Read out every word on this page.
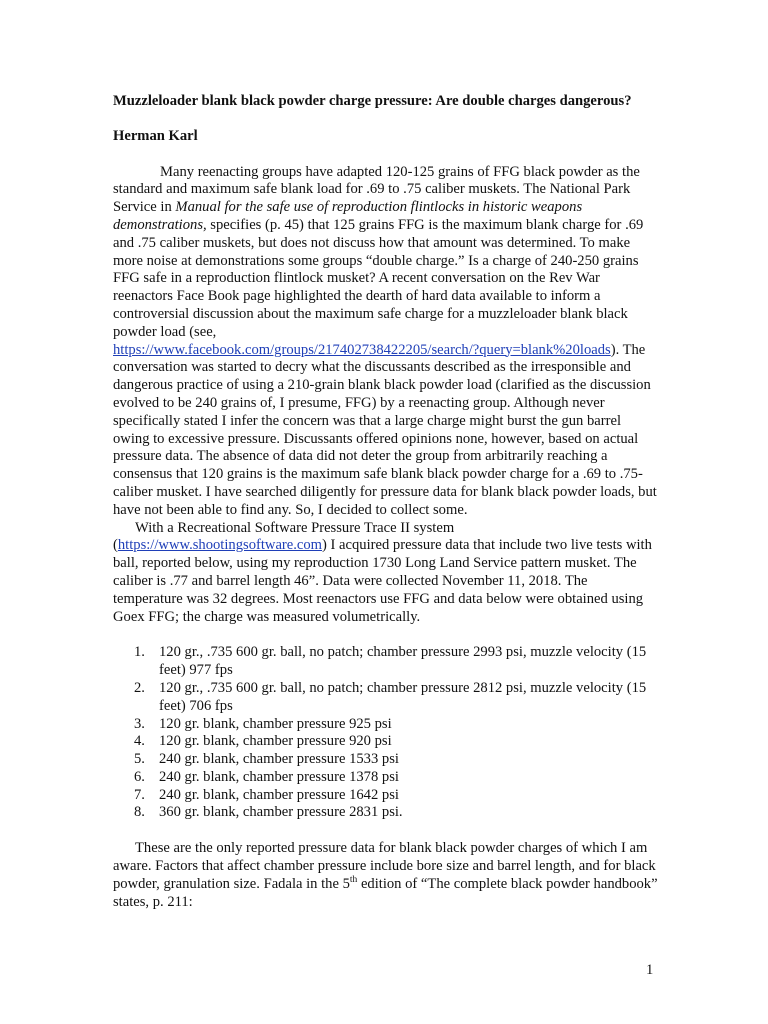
Muzzleloader blank black powder charge pressure: Are double charges dangerous?

Herman Karl

Many reenacting groups have adapted 120-125 grains of FFG black powder as the standard and maximum safe blank load for .69 to .75 caliber muskets. The National Park Service in Manual for the safe use of reproduction flintlocks in historic weapons demonstrations, specifies (p. 45) that 125 grains FFG is the maximum blank charge for .69 and .75 caliber muskets, but does not discuss how that amount was determined. To make more noise at demonstrations some groups “double charge.” Is a charge of 240-250 grains FFG safe in a reproduction flintlock musket? A recent conversation on the Rev War reenactors Face Book page highlighted the dearth of hard data available to inform a controversial discussion about the maximum safe charge for a muzzleloader blank black powder load (see,
https://www.facebook.com/groups/217402738422205/search/?query=blank%20loads). The conversation was started to decry what the discussants described as the irresponsible and dangerous practice of using a 210-grain blank black powder load (clarified as the discussion evolved to be 240 grains of, I presume, FFG) by a reenacting group. Although never specifically stated I infer the concern was that a large charge might burst the gun barrel owing to excessive pressure. Discussants offered opinions none, however, based on actual pressure data. The absence of data did not deter the group from arbitrarily reaching a consensus that 120 grains is the maximum safe blank black powder charge for a .69 to .75-caliber musket. I have searched diligently for pressure data for blank black powder loads, but have not been able to find any. So, I decided to collect some.

With a Recreational Software Pressure Trace II system (https://www.shootingsoftware.com) I acquired pressure data that include two live tests with ball, reported below, using my reproduction 1730 Long Land Service pattern musket. The caliber is .77 and barrel length 46”. Data were collected November 11, 2018. The temperature was 32 degrees. Most reenactors use FFG and data below were obtained using Goex FFG; the charge was measured volumetrically.

1. 120 gr., .735 600 gr. ball, no patch; chamber pressure 2993 psi, muzzle velocity (15 feet) 977 fps
2. 120 gr., .735 600 gr. ball, no patch; chamber pressure 2812 psi, muzzle velocity (15 feet) 706 fps
3. 120 gr. blank, chamber pressure 925 psi
4. 120 gr. blank, chamber pressure 920 psi
5. 240 gr. blank, chamber pressure 1533 psi
6. 240 gr. blank, chamber pressure 1378 psi
7. 240 gr. blank, chamber pressure 1642 psi
8. 360 gr. blank, chamber pressure 2831 psi.

These are the only reported pressure data for blank black powder charges of which I am aware. Factors that affect chamber pressure include bore size and barrel length, and for black powder, granulation size. Fadala in the 5th edition of “The complete black powder handbook” states, p. 211:

1
